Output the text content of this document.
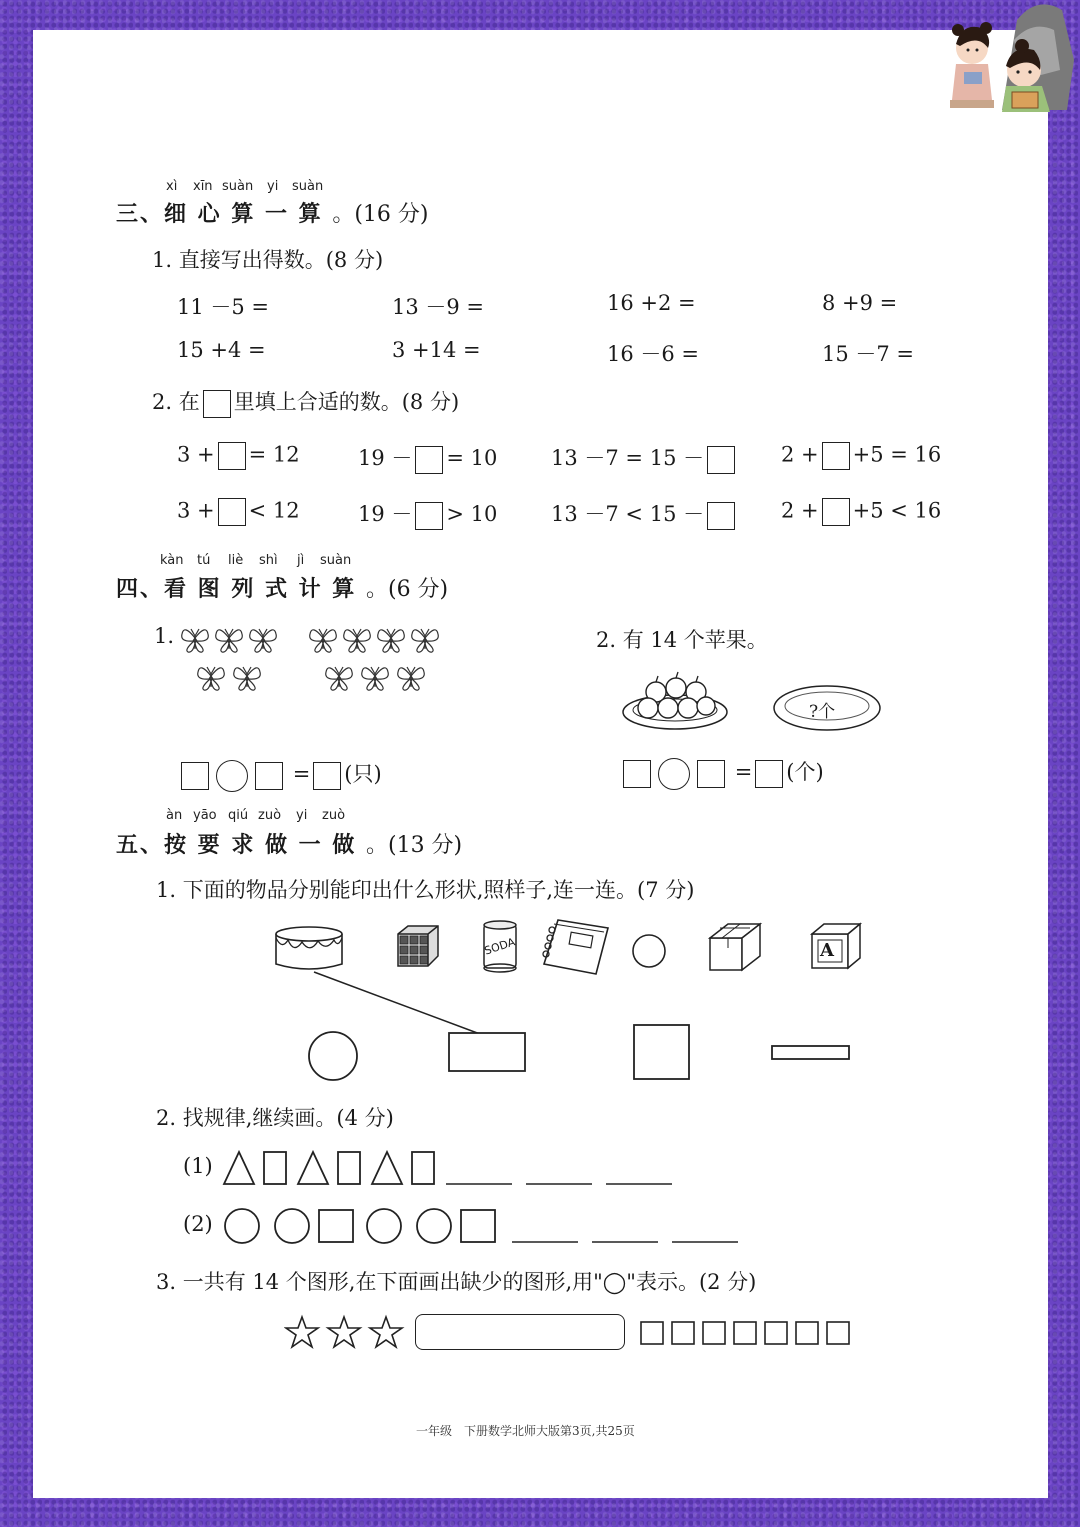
xì xīn suàn yi suàn
三、细 心 算 一 算 。(16 分)
1. 直接写出得数。(8 分)
11 －5 =	13 －9 =	16 +2 =	8 +9 =
15 +4 =	3 +14 =	16 －6 =	15 －7 =
2. 在 里填上合适的数。(8 分)
3 + = 12	19 － = 10	13 －7 = 15 －	2 + +5 = 16
3 + < 12	19 － > 10	13 －7 < 15 －	2 + +5 < 16
kàn tú liè shì jì suàn
四、看 图 列 式 计 算 。(6 分)
1.
= (只)
2. 有 14 个苹果。
?个
= (个)
àn yāo qiú zuò yi zuò
五、按 要 求 做 一 做 。(13 分)
1. 下面的物品分别能印出什么形状,照样子,连一连。(7 分)
SODA	A
2. 找规律,继续画。(4 分)
(1)
(2)
3. 一共有 14 个图形,在下面画出缺少的图形,用"◯"表示。(2 分)
一年级　下册数学北师大版第3页,共25页
